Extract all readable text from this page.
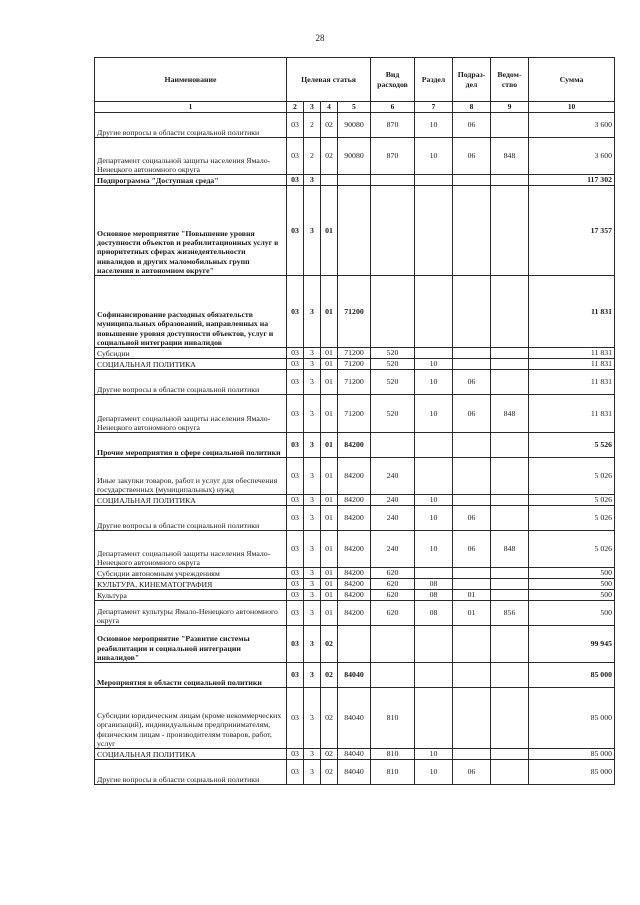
28
Наименование	Целевая статья				Вид расходов	Раздел	Подраз-дел	Ведом-ство	Сумма
1	2	3	4	5	6	7	8	9	10
Другие вопросы в области социальной политики	03	2	02	90080	870	10	06		3 600
Департамент социальной защиты населения Ямало-Ненецкого автономного округа	03	2	02	90080	870	10	06	848	3 600
Подпрограмма "Доступная среда"	03	3							117 302
Основное мероприятие "Повышение уровня доступности объектов и реабилитационных услуг в приоритетных сферах жизнедеятельности инвалидов и других маломобильных групп населения в автономном округе"	03	3	01						17 357
Софинансирование расходных обязательств муниципальных образований, направленных на повышение уровня доступности объектов, услуг и социальной интеграции инвалидов	03	3	01	71200					11 831
Субсидии	03	3	01	71200	520				11 831
СОЦИАЛЬНАЯ ПОЛИТИКА	03	3	01	71200	520	10			11 831
Другие вопросы в области социальной политики	03	3	01	71200	520	10	06		11 831
Департамент социальной защиты населения Ямало-Ненецкого автономного округа	03	3	01	71200	520	10	06	848	11 831
Прочие мероприятия в сфере социальной политики	03	3	01	84200					5 526
Иные закупки товаров, работ и услуг для обеспечения государственных (муниципальных) нужд	03	3	01	84200	240				5 026
СОЦИАЛЬНАЯ ПОЛИТИКА	03	3	01	84200	240	10			5 026
Другие вопросы в области социальной политики	03	3	01	84200	240	10	06		5 026
Департамент социальной защиты населения Ямало-Ненецкого автономного округа	03	3	01	84200	240	10	06	848	5 026
Субсидии автономным учреждениям	03	3	01	84200	620				500
КУЛЬТУРА, КИНЕМАТОГРАФИЯ	03	3	01	84200	620	08			500
Культура	03	3	01	84200	620	08	01		500
Департамент культуры Ямало-Ненецкого автономного округа	03	3	01	84200	620	08	01	856	500
Основное мероприятие "Развитие системы реабилитации и социальной интеграции инвалидов"	03	3	02						99 945
Мероприятия в области социальной политики	03	3	02	84040					85 000
Субсидии юридическим лицам (кроме некоммерческих организаций), индивидуальным предпринимателям, физическим лицам - производителям товаров, работ, услуг	03	3	02	84040	810				85 000
СОЦИАЛЬНАЯ ПОЛИТИКА	03	3	02	84040	810	10			85 000
Другие вопросы в области социальной политики	03	3	02	84040	810	10	06		85 000
